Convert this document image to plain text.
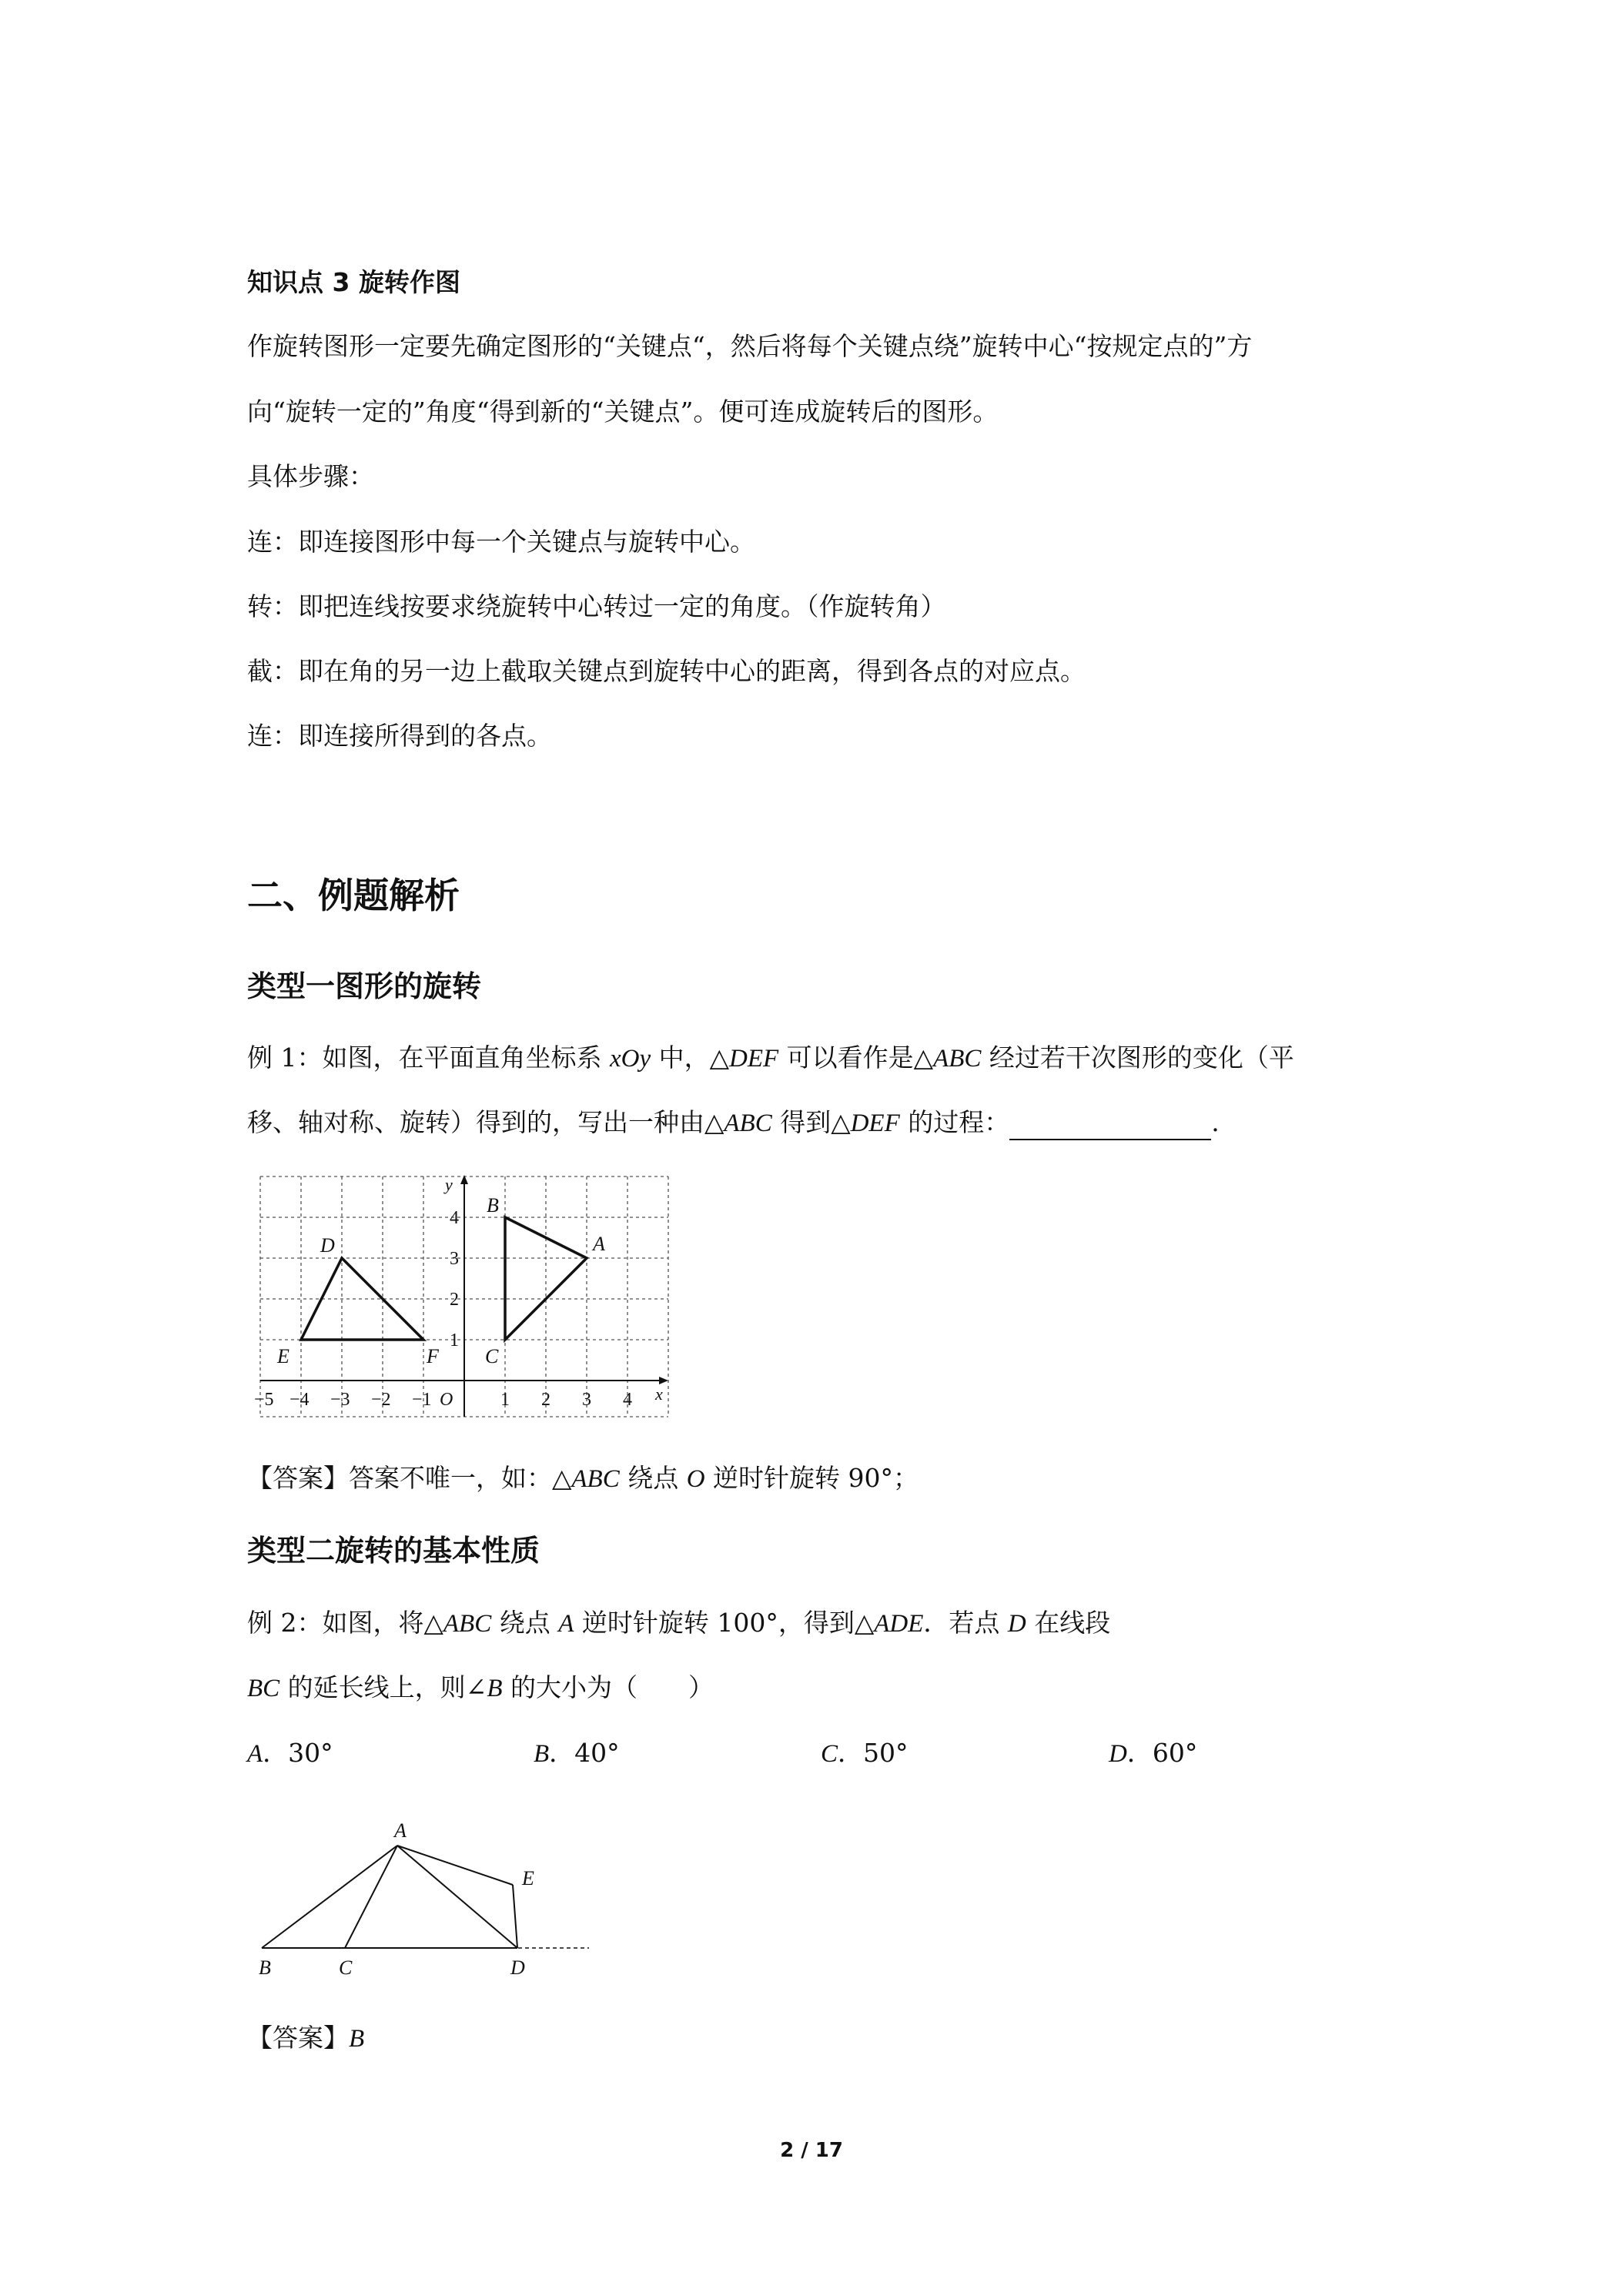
知识点 3 旋转作图
作旋转图形一定要先确定图形的“关键点“，然后将每个关键点绕”旋转中心“按规定点的”方
向“旋转一定的”角度“得到新的“关键点”。便可连成旋转后的图形。
具体步骤：
连：即连接图形中每一个关键点与旋转中心。
转：即把连线按要求绕旋转中心转过一定的角度。（作旋转角）
截：即在角的另一边上截取关键点到旋转中心的距离，得到各点的对应点。
连：即连接所得到的各点。
二、例题解析
类型一图形的旋转
例 1：如图，在平面直角坐标系 xOy 中，△DEF 可以看作是△ABC 经过若干次图形的变化（平
移、轴对称、旋转）得到的，写出一种由△ABC 得到△DEF 的过程：	.
−5 −4 −3 −2 −1	1 2 3 4
1
2
3
4
O	x
y
D
E	F
B
A
C
【答案】答案不唯一，如：△ABC 绕点 O 逆时针旋转 90°；
类型二旋转的基本性质
例 2：如图，将△ABC 绕点 A 逆时针旋转 100°，得到△ADE．若点 D 在线段
BC 的延长线上，则∠B 的大小为（　　）
A．30°	B．40°	C．50°	D．60°
A
B	C	D
E
【答案】B
2 / 17
